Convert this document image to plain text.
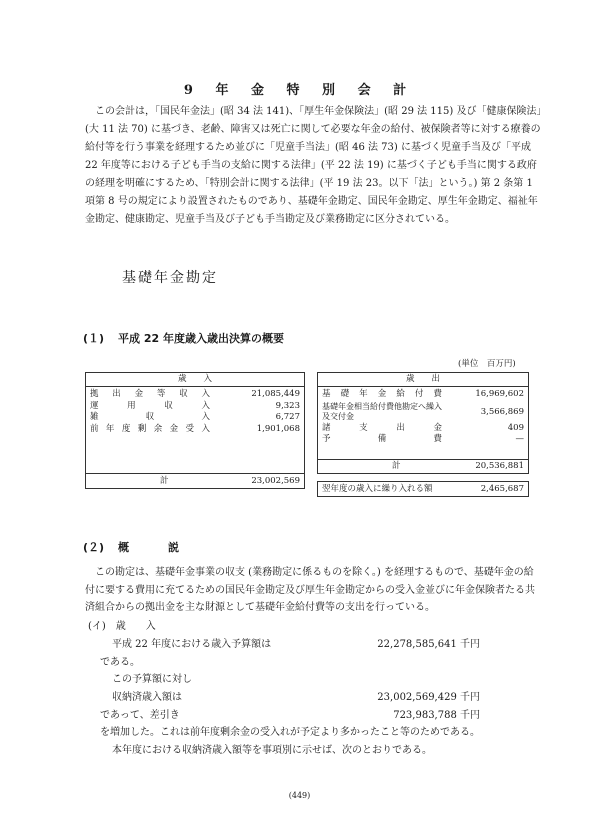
9 年 金 特 別 会 計
この会計は，「国民年金法」(昭 34 法 141)、「厚生年金保険法」(昭 29 法 115) 及び「健康保険法」(大 11 法 70) に基づき、老齢、障害又は死亡に関して必要な年金の給付、被保険者等に対する療養の給付等を行う事業を経理するため並びに「児童手当法」(昭 46 法 73) に基づく児童手当及び「平成 22 年度等における子ども手当の支給に関する法律」(平 22 法 19) に基づく子ども手当に関する政府の経理を明確にするため、「特別会計に関する法律」(平 19 法 23。以下「法」という。) 第 2 条第 1 項第 8 号の規定により設置されたものであり、基礎年金勘定、国民年金勘定、厚生年金勘定、福祉年金勘定、健康勘定、児童手当及び子ども手当勘定及び業務勘定に区分されている。
基礎年金勘定
(１) 平成 22 年度歳入歳出決算の概要
(単位　百万円)
歳　　入

拠出金等収入	21,085,449
運用収入	9,323
雑収入	6,727
前年度剰余金受入	1,901,068

計	23,002,569
歳　　出

基礎年金給付費	16,969,602
基礎年金相当給付費他勘定へ繰入及交付金	3,566,869
諸支出金	409
予備費	—

計	20,536,881
翌年度の歳入に繰り入れる額	2,465,687
(２) 概　説
この勘定は、基礎年金事業の収支 (業務勘定に係るものを除く。) を経理するもので、基礎年金の給付に要する費用に充てるための国民年金勘定及び厚生年金勘定からの受入金並びに年金保険者たる共済組合からの拠出金を主な財源として基礎年金給付費等の支出を行っている。
(イ)　歳　　入
平成 22 年度における歳入予算額は	22,278,585,641 千円
である。
この予算額に対し
収納済歳入額は	23,002,569,429 千円
であって、差引き	723,983,788 千円
を増加した。これは前年度剰余金の受入れが予定より多かったこと等のためである。
本年度における収納済歳入額等を事項別に示せば、次のとおりである。
(449)
